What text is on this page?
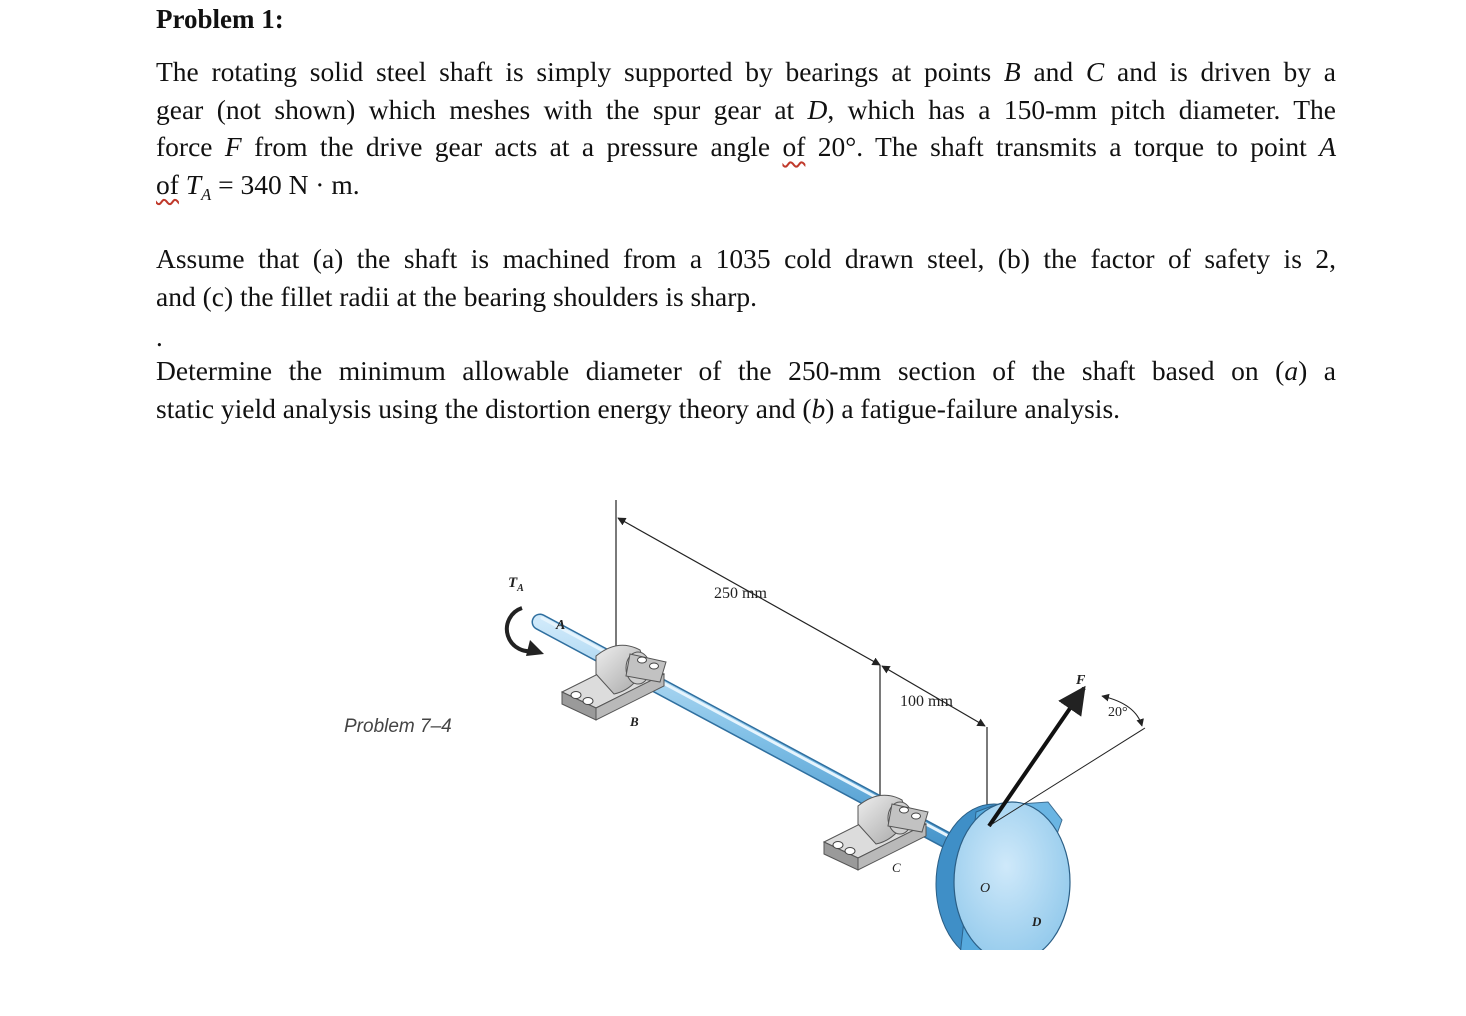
Problem 1:
The rotating solid steel shaft is simply supported by bearings at points B and C and is driven by a
gear (not shown) which meshes with the spur gear at D, which has a 150-mm pitch diameter. The
force F from the drive gear acts at a pressure angle of 20°. The shaft transmits a torque to point A
of $T_A = 340$ N · m.
Assume that (a) the shaft is machined from a 1035 cold drawn steel, (b) the factor of safety is 2,
and (c) the fillet radii at the bearing shoulders is sharp.
.
Determine the minimum allowable diameter of the 250-mm section of the shaft based on (a) a
static yield analysis using the distortion energy theory and (b) a fatigue-failure analysis.
Problem 7–4
250 mm
100 mm
$T_A$
A
B
C
O
D
F
20°
